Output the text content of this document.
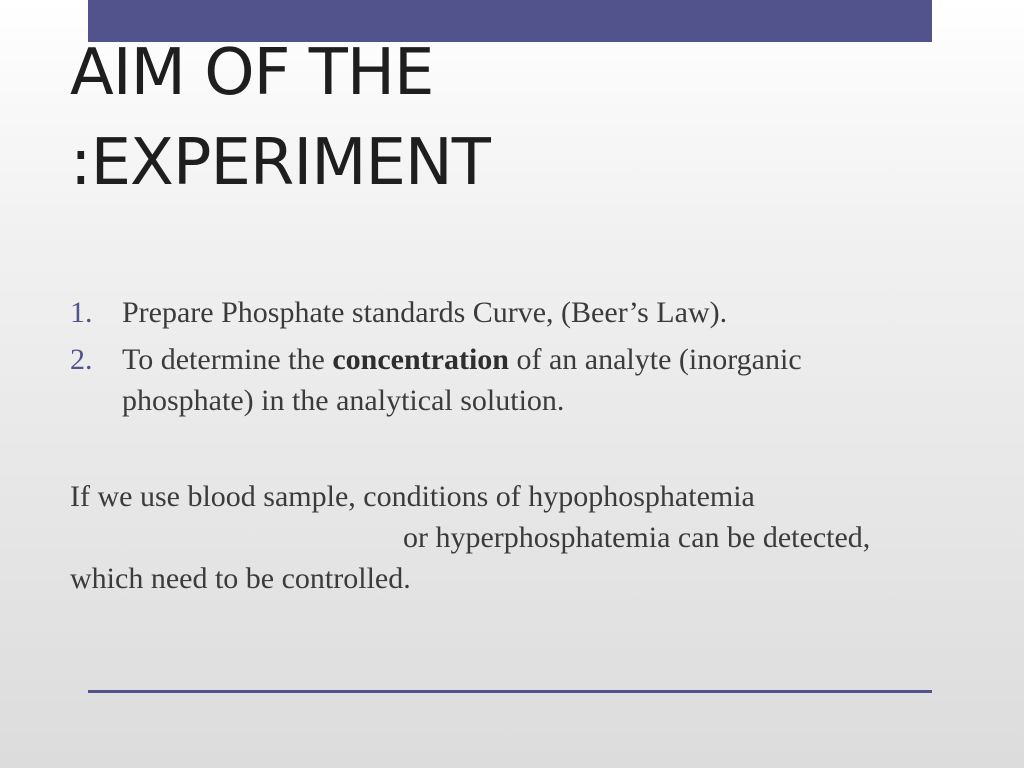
AIM OF THE
:EXPERIMENT
1. Prepare Phosphate standards Curve, (Beer’s Law).
2. To determine the concentration of an analyte (inorganic phosphate) in the analytical solution.

If we use blood sample, conditions of hypophosphatemia
or hyperphosphatemia can be detected,
which need to be controlled.
